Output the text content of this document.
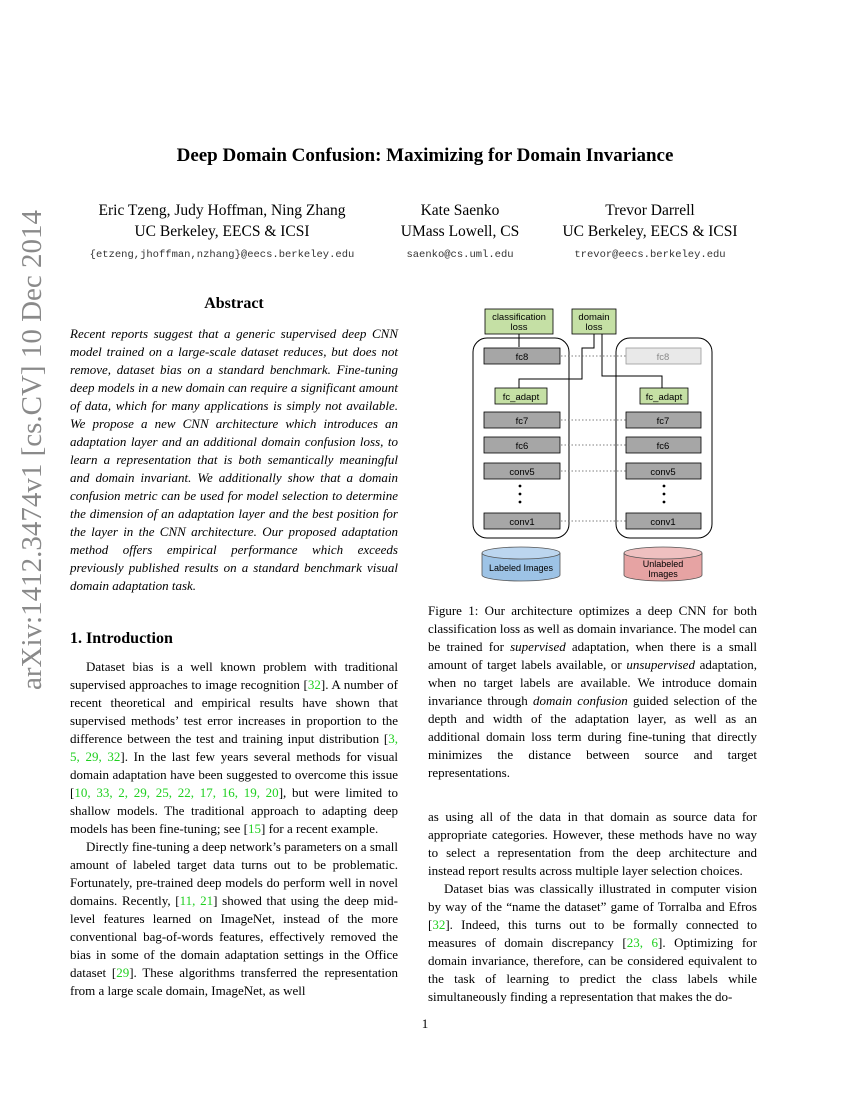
Deep Domain Confusion: Maximizing for Domain Invariance
Eric Tzeng, Judy Hoffman, Ning Zhang
UC Berkeley, EECS & ICSI
{etzeng,jhoffman,nzhang}@eecs.berkeley.edu
Kate Saenko
UMass Lowell, CS
saenko@cs.uml.edu
Trevor Darrell
UC Berkeley, EECS & ICSI
trevor@eecs.berkeley.edu
arXiv:1412.3474v1 [cs.CV] 10 Dec 2014	Abstract
Recent reports suggest that a generic supervised deep CNN model trained on a large-scale dataset reduces, but does not remove, dataset bias on a standard benchmark. Fine-tuning deep models in a new domain can require a significant amount of data, which for many applications is simply not available. We propose a new CNN architecture which introduces an adaptation layer and an additional domain confusion loss, to learn a representation that is both semantically meaningful and domain invariant. We additionally show that a domain confusion metric can be used for model selection to determine the dimension of an adaptation layer and the best position for the layer in the CNN architecture. Our proposed adaptation method offers empirical performance which exceeds previously published results on a standard benchmark visual domain adaptation task.
1. Introduction

Dataset bias is a well known problem with traditional supervised approaches to image recognition [32]. A number of recent theoretical and empirical results have shown that supervised methods’ test error increases in proportion to the difference between the test and training input distribution [3, 5, 29, 32]. In the last few years several methods for visual domain adaptation have been suggested to overcome this issue [10, 33, 2, 29, 25, 22, 17, 16, 19, 20], but were limited to shallow models. The traditional approach to adapting deep models has been fine-tuning; see [15] for a recent example.

Directly fine-tuning a deep network’s parameters on a small amount of labeled target data turns out to be problematic. Fortunately, pre-trained deep models do perform well in novel domains. Recently, [11, 21] showed that using the deep mid-level features learned on ImageNet, instead of the more conventional bag-of-words features, effectively removed the bias in some of the domain adaptation settings in the Office dataset [29]. These algorithms transferred the representation from a large scale domain, ImageNet, as well

classification
loss
domain
loss
fc8
fc_adapt
fc7
fc6
conv5
conv1
fc8
fc_adapt
fc7
fc6
conv5
conv1
Labeled Images	Unlabeled
Images
Figure 1: Our architecture optimizes a deep CNN for both classification loss as well as domain invariance. The model can be trained for supervised adaptation, when there is a small amount of target labels available, or unsupervised adaptation, when no target labels are available. We introduce domain invariance through domain confusion guided selection of the depth and width of the adaptation layer, as well as an additional domain loss term during fine-tuning that directly minimizes the distance between source and target representations.

as using all of the data in that domain as source data for appropriate categories. However, these methods have no way to select a representation from the deep architecture and instead report results across multiple layer selection choices.

Dataset bias was classically illustrated in computer vision by way of the “name the dataset” game of Torralba and Efros [32]. Indeed, this turns out to be formally connected to measures of domain discrepancy [23, 6]. Optimizing for domain invariance, therefore, can be considered equivalent to the task of learning to predict the class labels while simultaneously finding a representation that makes the do-

1
